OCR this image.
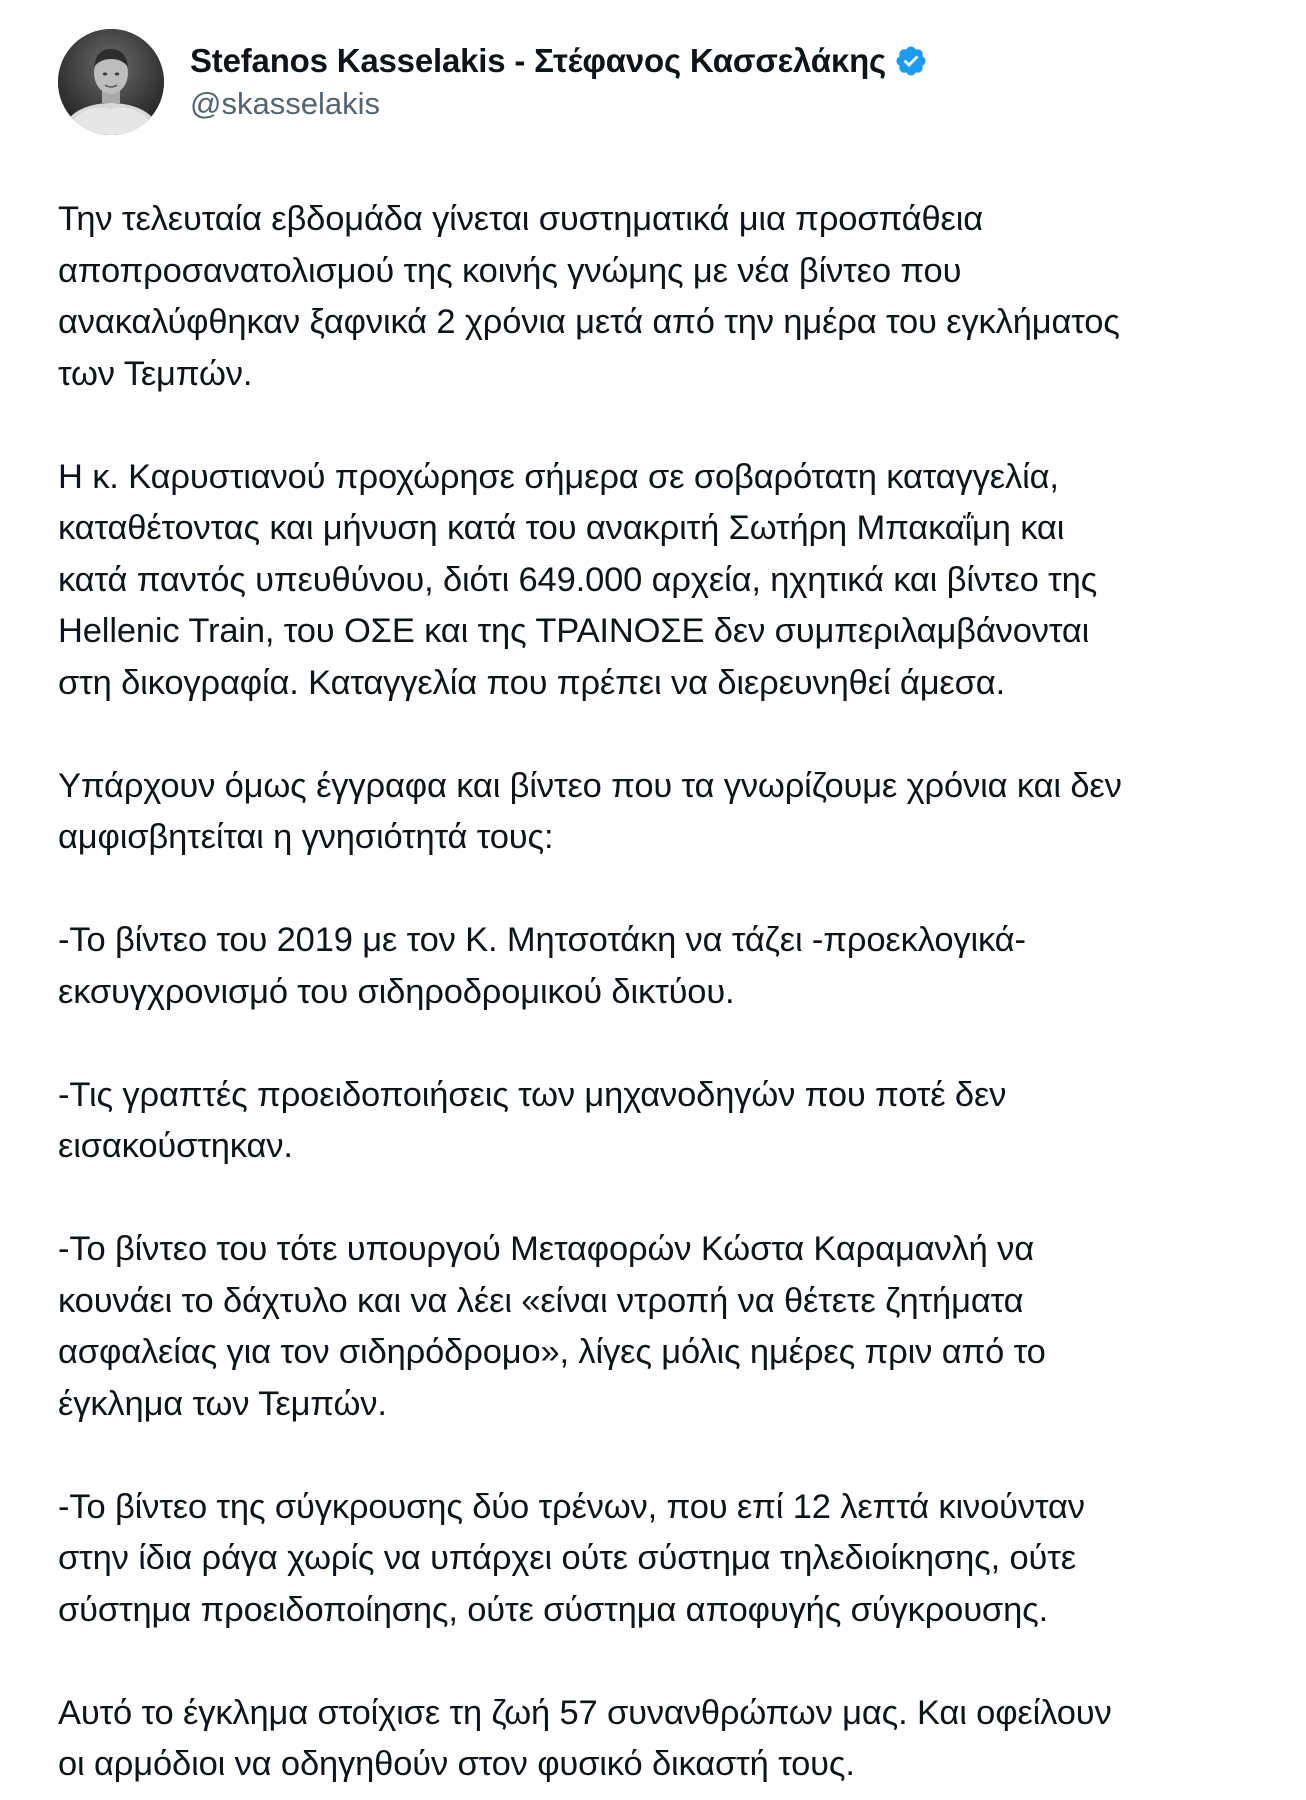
Stefanos Kasselakis - Στέφανος Κασσελάκης
@skasselakis

Την τελευταία εβδομάδα γίνεται συστηματικά μια προσπάθεια
αποπροσανατολισμού της κοινής γνώμης με νέα βίντεο που
ανακαλύφθηκαν ξαφνικά 2 χρόνια μετά από την ημέρα του εγκλήματος
των Τεμπών.

Η κ. Καρυστιανού προχώρησε σήμερα σε σοβαρότατη καταγγελία,
καταθέτοντας και μήνυση κατά του ανακριτή Σωτήρη Μπακαΐμη και
κατά παντός υπευθύνου, διότι 649.000 αρχεία, ηχητικά και βίντεο της
Hellenic Train, του ΟΣΕ και της ΤΡΑΙΝΟΣΕ δεν συμπεριλαμβάνονται
στη δικογραφία. Καταγγελία που πρέπει να διερευνηθεί άμεσα.

Υπάρχουν όμως έγγραφα και βίντεο που τα γνωρίζουμε χρόνια και δεν
αμφισβητείται η γνησιότητά τους:

-Το βίντεο του 2019 με τον Κ. Μητσοτάκη να τάζει -προεκλογικά-
εκσυγχρονισμό του σιδηροδρομικού δικτύου.

-Τις γραπτές προειδοποιήσεις των μηχανοδηγών που ποτέ δεν
εισακούστηκαν.

-Το βίντεο του τότε υπουργού Μεταφορών Κώστα Καραμανλή να
κουνάει το δάχτυλο και να λέει «είναι ντροπή να θέτετε ζητήματα
ασφαλείας για τον σιδηρόδρομο», λίγες μόλις ημέρες πριν από το
έγκλημα των Τεμπών.

-Το βίντεο της σύγκρουσης δύο τρένων, που επί 12 λεπτά κινούνταν
στην ίδια ράγα χωρίς να υπάρχει ούτε σύστημα τηλεδιοίκησης, ούτε
σύστημα προειδοποίησης, ούτε σύστημα αποφυγής σύγκρουσης.

Αυτό το έγκλημα στοίχισε τη ζωή 57 συνανθρώπων μας. Και οφείλουν
οι αρμόδιοι να οδηγηθούν στον φυσικό δικαστή τους.
